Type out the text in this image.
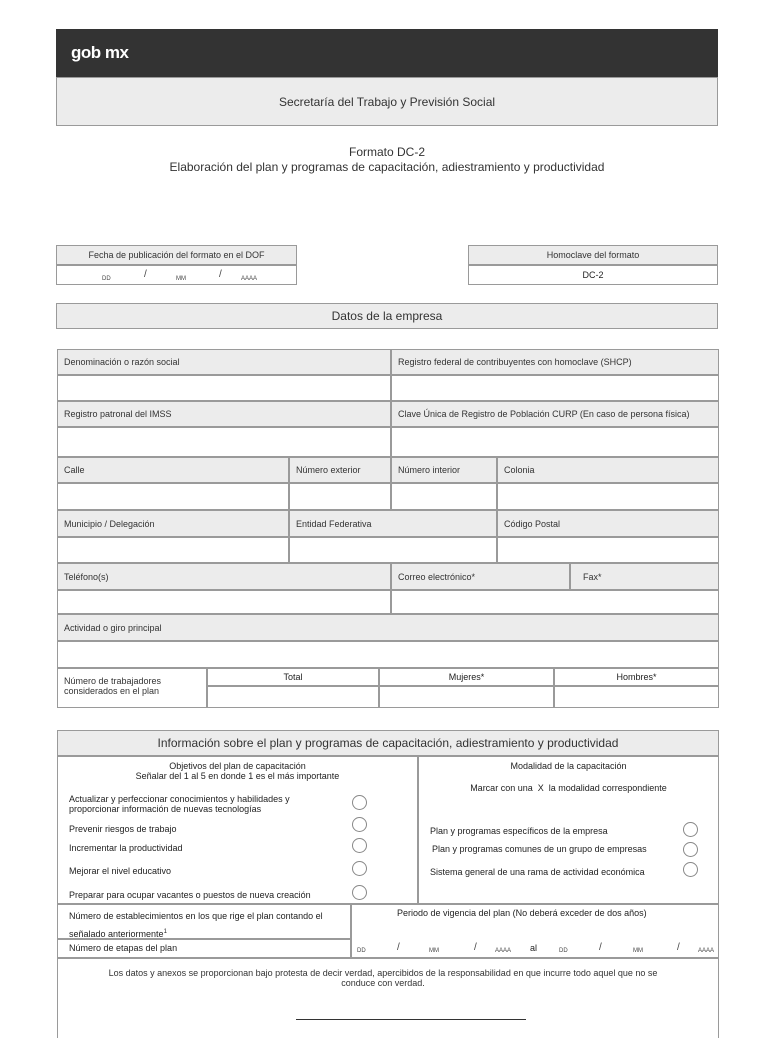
gob mx
Secretaría del Trabajo y Previsión Social
Formato DC-2
Elaboración del plan y programas de capacitación, adiestramiento y productividad
Fecha de publicación del formato en el DOF
DD	/	MM	/	AAAA
Homoclave del formato
DC-2
Datos de la empresa
Denominación o razón social	Registro federal de contribuyentes con homoclave (SHCP)
Registro patronal del IMSS	Clave Única de Registro de Población CURP (En caso de persona física)
Calle	Número exterior	Número interior	Colonia
Municipio / Delegación	Entidad Federativa	Código Postal
Teléfono(s)	Correo electrónico*	Fax*
Actividad o giro principal
Número de trabajadores considerados en el plan
Total	Mujeres*	Hombres*
Información sobre el plan y programas de capacitación, adiestramiento y productividad
Objetivos del plan de capacitación
Señalar del 1 al 5 en donde 1 es el más importante
Actualizar y perfeccionar conocimientos y habilidades y proporcionar información de nuevas tecnologías
Prevenir riesgos de trabajo
Incrementar la productividad
Mejorar el nivel educativo
Preparar para ocupar vacantes o puestos de nueva creación
Modalidad de la capacitación
Marcar con una  X  la modalidad correspondiente
Plan y programas específicos de la empresa
Plan y programas comunes de un grupo de empresas
Sistema general de una rama de actividad económica
Número de establecimientos en los que rige el plan contando el señalado anteriormente$^1$
Número de etapas del plan
Periodo de vigencia del plan (No deberá exceder de dos años)
DD	/	MM	/	AAAA al	DD	/	MM	/	AAAA
Los datos y anexos se proporcionan bajo protesta de decir verdad, apercibidos de la responsabilidad en que incurre todo aquel que no se conduce con verdad.
